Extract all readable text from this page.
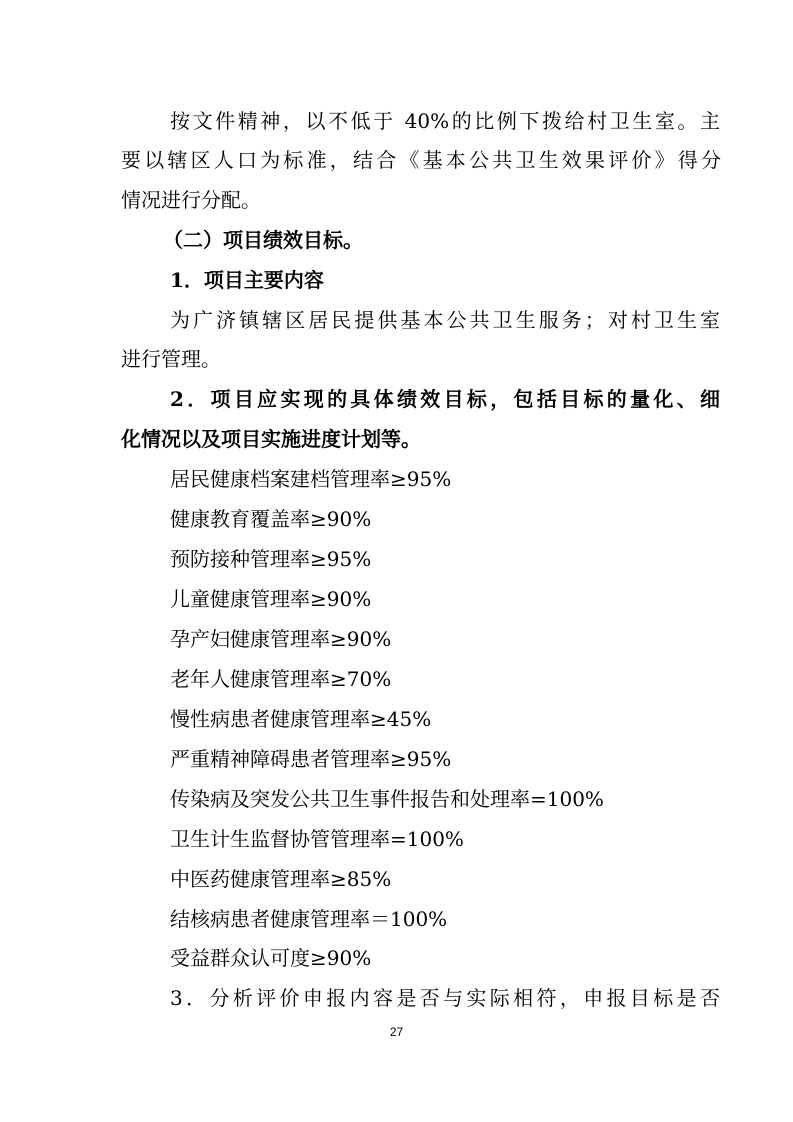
按文件精神，以不低于 40%的比例下拨给村卫生室。主
要以辖区人口为标准，结合《基本公共卫生效果评价》得分
情况进行分配。
（二）项目绩效目标。
1．项目主要内容
为广济镇辖区居民提供基本公共卫生服务；对村卫生室
进行管理。
2．项目应实现的具体绩效目标，包括目标的量化、细
化情况以及项目实施进度计划等。
居民健康档案建档管理率≥95%
健康教育覆盖率≥90%
预防接种管理率≥95%
儿童健康管理率≥90%
孕产妇健康管理率≥90%
老年人健康管理率≥70%
慢性病患者健康管理率≥45%
严重精神障碍患者管理率≥95%
传染病及突发公共卫生事件报告和处理率=100%
卫生计生监督协管管理率=100%
中医药健康管理率≥85%
结核病患者健康管理率＝100%
受益群众认可度≥90%
3．分析评价申报内容是否与实际相符，申报目标是否
27
